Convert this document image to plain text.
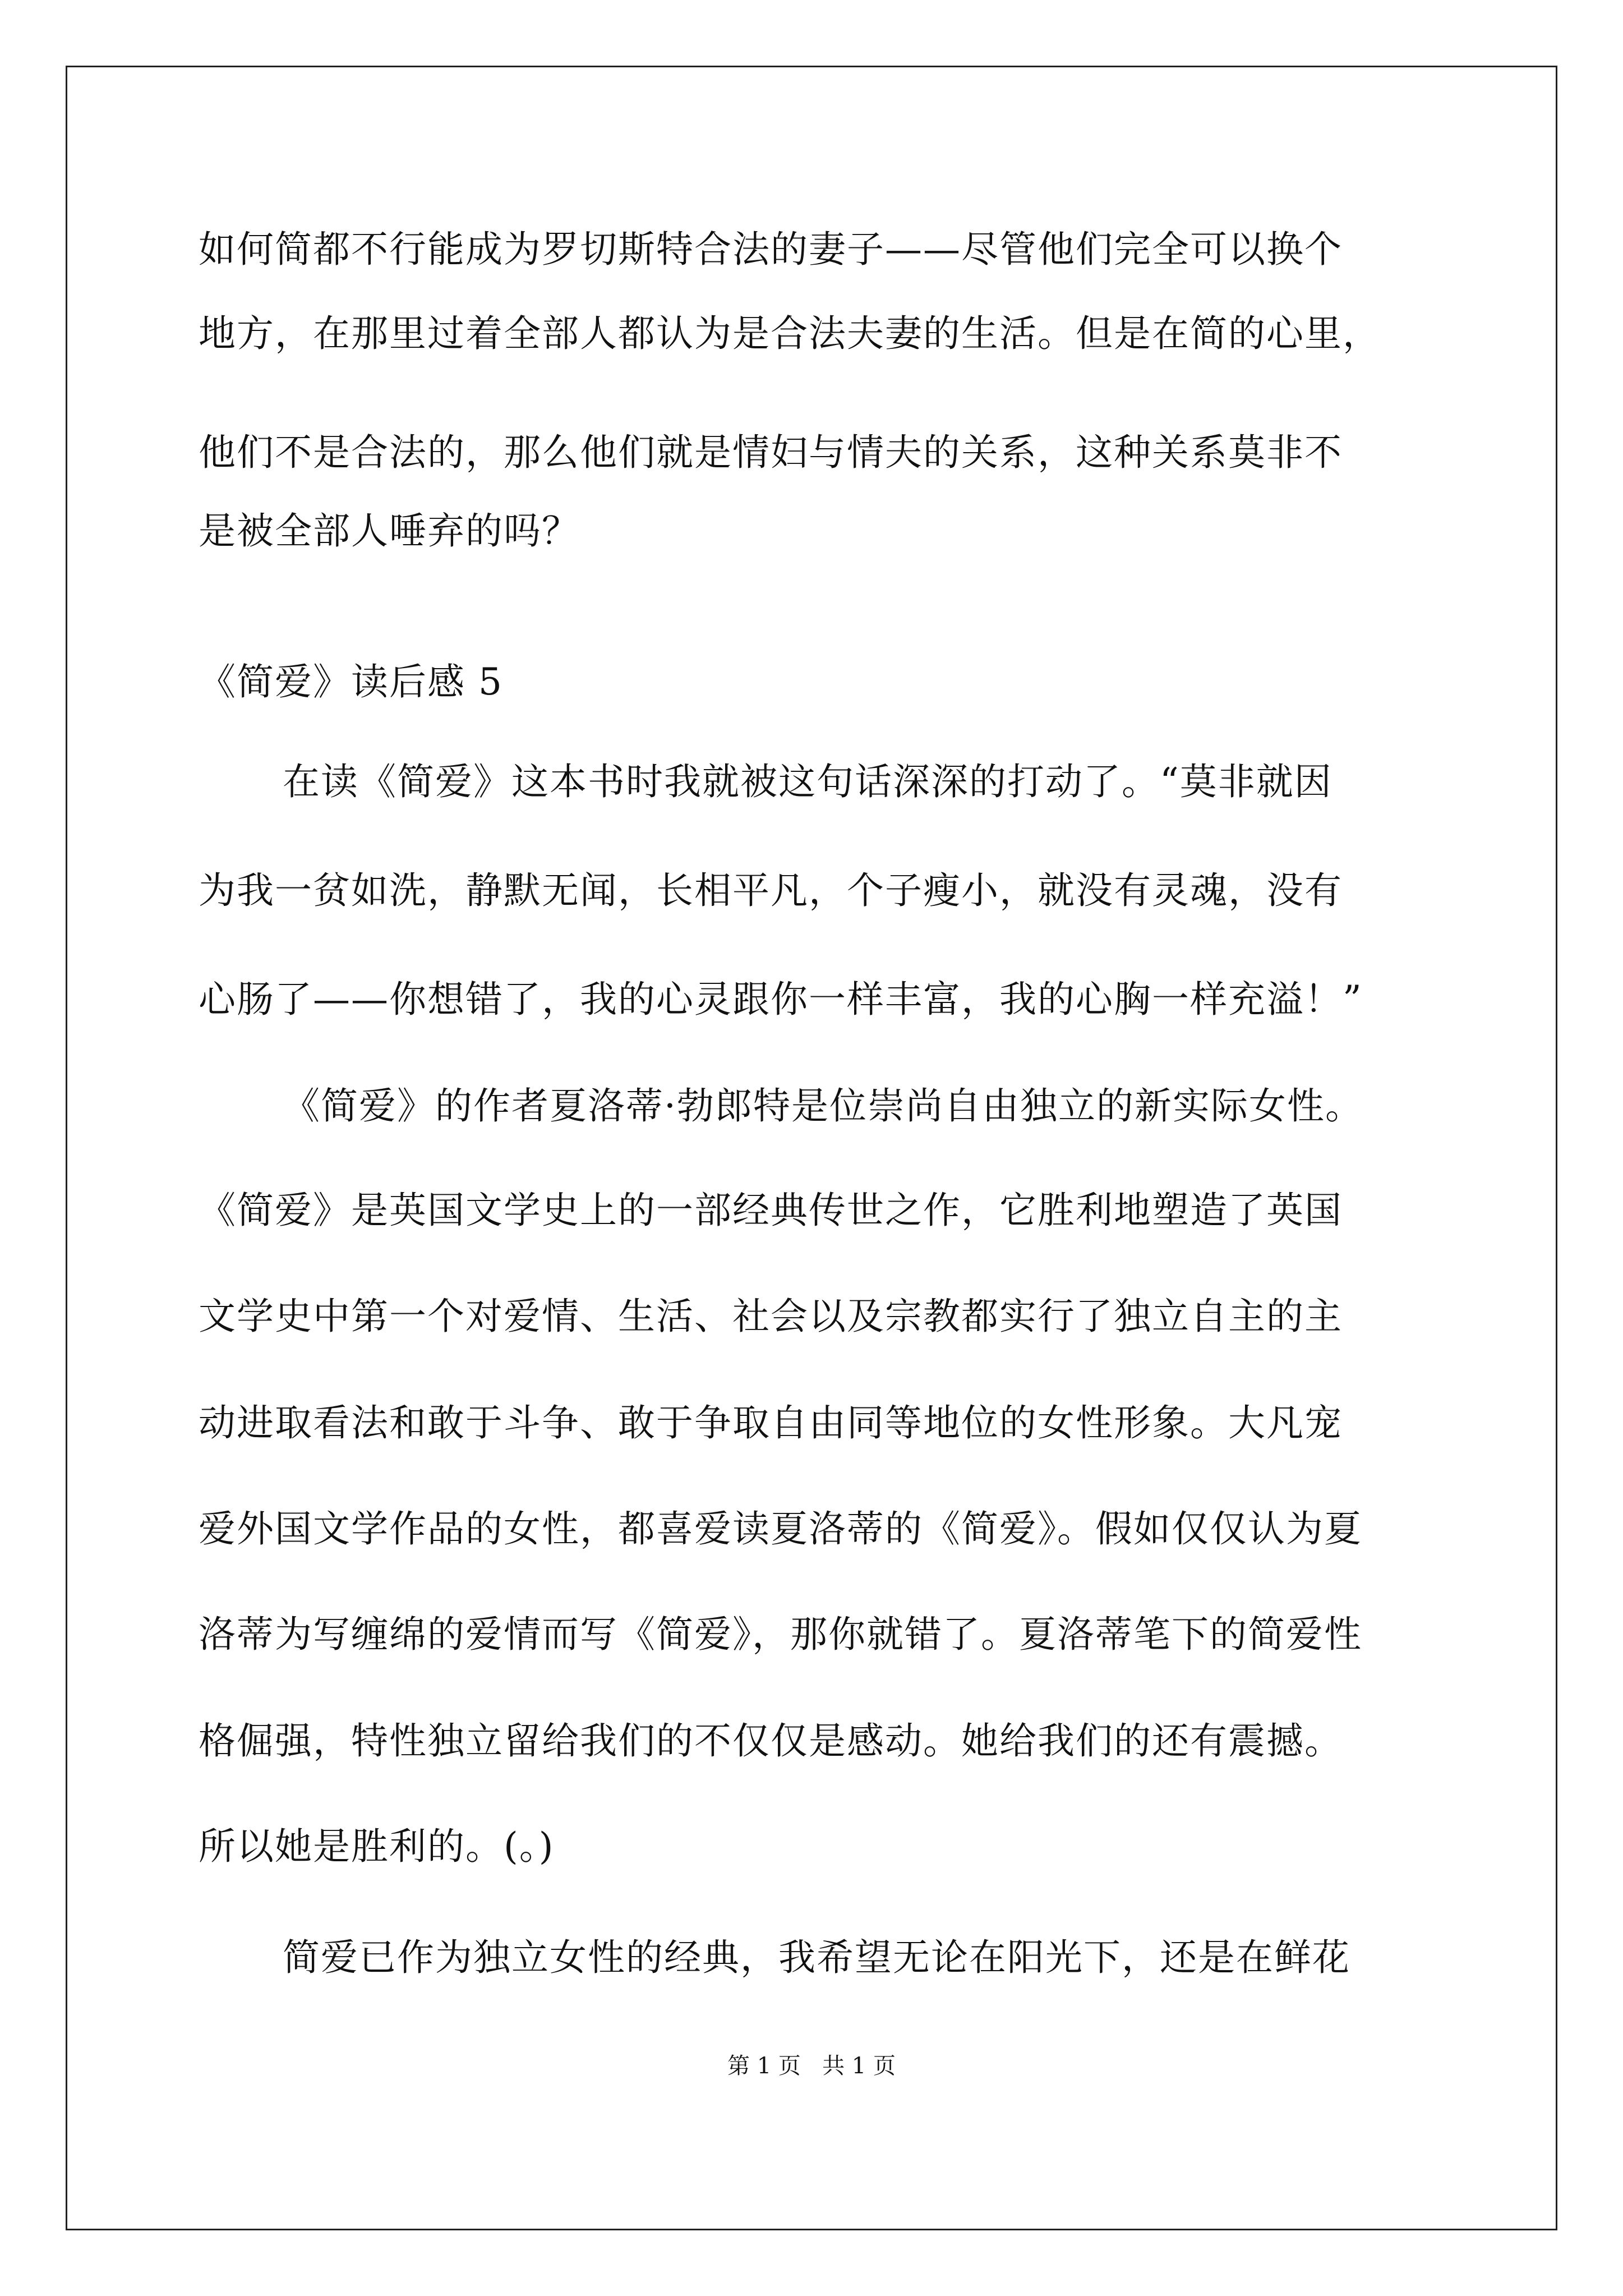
如何简都不行能成为罗切斯特合法的妻子——尽管他们完全可以换个
地方，在那里过着全部人都认为是合法夫妻的生活。但是在简的心里，
他们不是合法的，那么他们就是情妇与情夫的关系，这种关系莫非不
是被全部人唾弃的吗？
《简爱》读后感 5
在读《简爱》这本书时我就被这句话深深的打动了。“莫非就因
为我一贫如洗，静默无闻，长相平凡，个子瘦小，就没有灵魂，没有
心肠了——你想错了，我的心灵跟你一样丰富，我的心胸一样充溢！”
《简爱》的作者夏洛蒂·勃郎特是位崇尚自由独立的新实际女性。
《简爱》是英国文学史上的一部经典传世之作，它胜利地塑造了英国
文学史中第一个对爱情、生活、社会以及宗教都实行了独立自主的主
动进取看法和敢于斗争、敢于争取自由同等地位的女性形象。大凡宠
爱外国文学作品的女性，都喜爱读夏洛蒂的《简爱》。假如仅仅认为夏
洛蒂为写缠绵的爱情而写《简爱》，那你就错了。夏洛蒂笔下的简爱性
格倔强，特性独立留给我们的不仅仅是感动。她给我们的还有震撼。
所以她是胜利的。(。)
简爱已作为独立女性的经典，我希望无论在阳光下，还是在鲜花
第 1 页   共 1 页
